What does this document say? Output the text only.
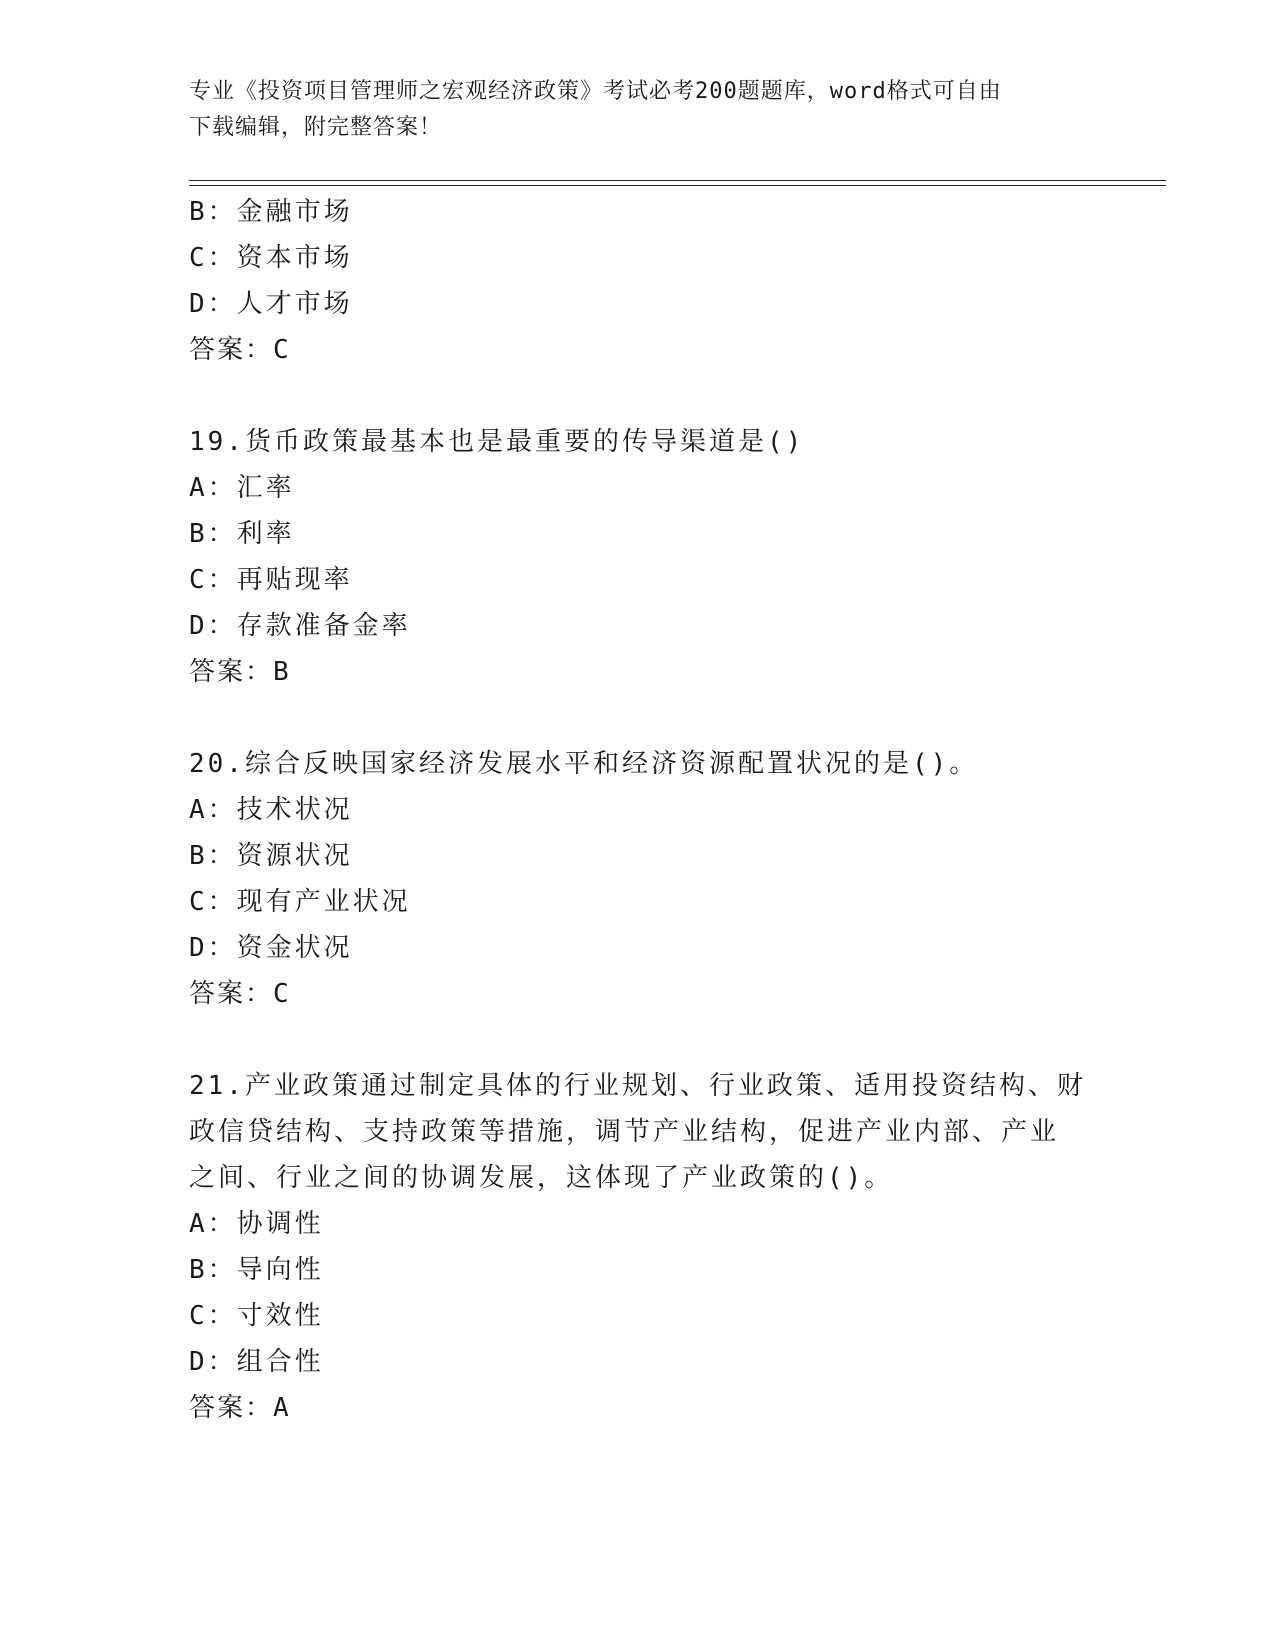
专业《投资项目管理师之宏观经济政策》考试必考200题题库，word格式可自由
下载编辑，附完整答案！
B：金融市场
C：资本市场
D：人才市场
答案：C
19.货币政策最基本也是最重要的传导渠道是()
A：汇率
B：利率
C：再贴现率
D：存款准备金率
答案：B
20.综合反映国家经济发展水平和经济资源配置状况的是()。
A：技术状况
B：资源状况
C：现有产业状况
D：资金状况
答案：C
21.产业政策通过制定具体的行业规划、行业政策、适用投资结构、财
政信贷结构、支持政策等措施，调节产业结构，促进产业内部、产业
之间、行业之间的协调发展，这体现了产业政策的()。
A：协调性
B：导向性
C：寸效性
D：组合性
答案：A
